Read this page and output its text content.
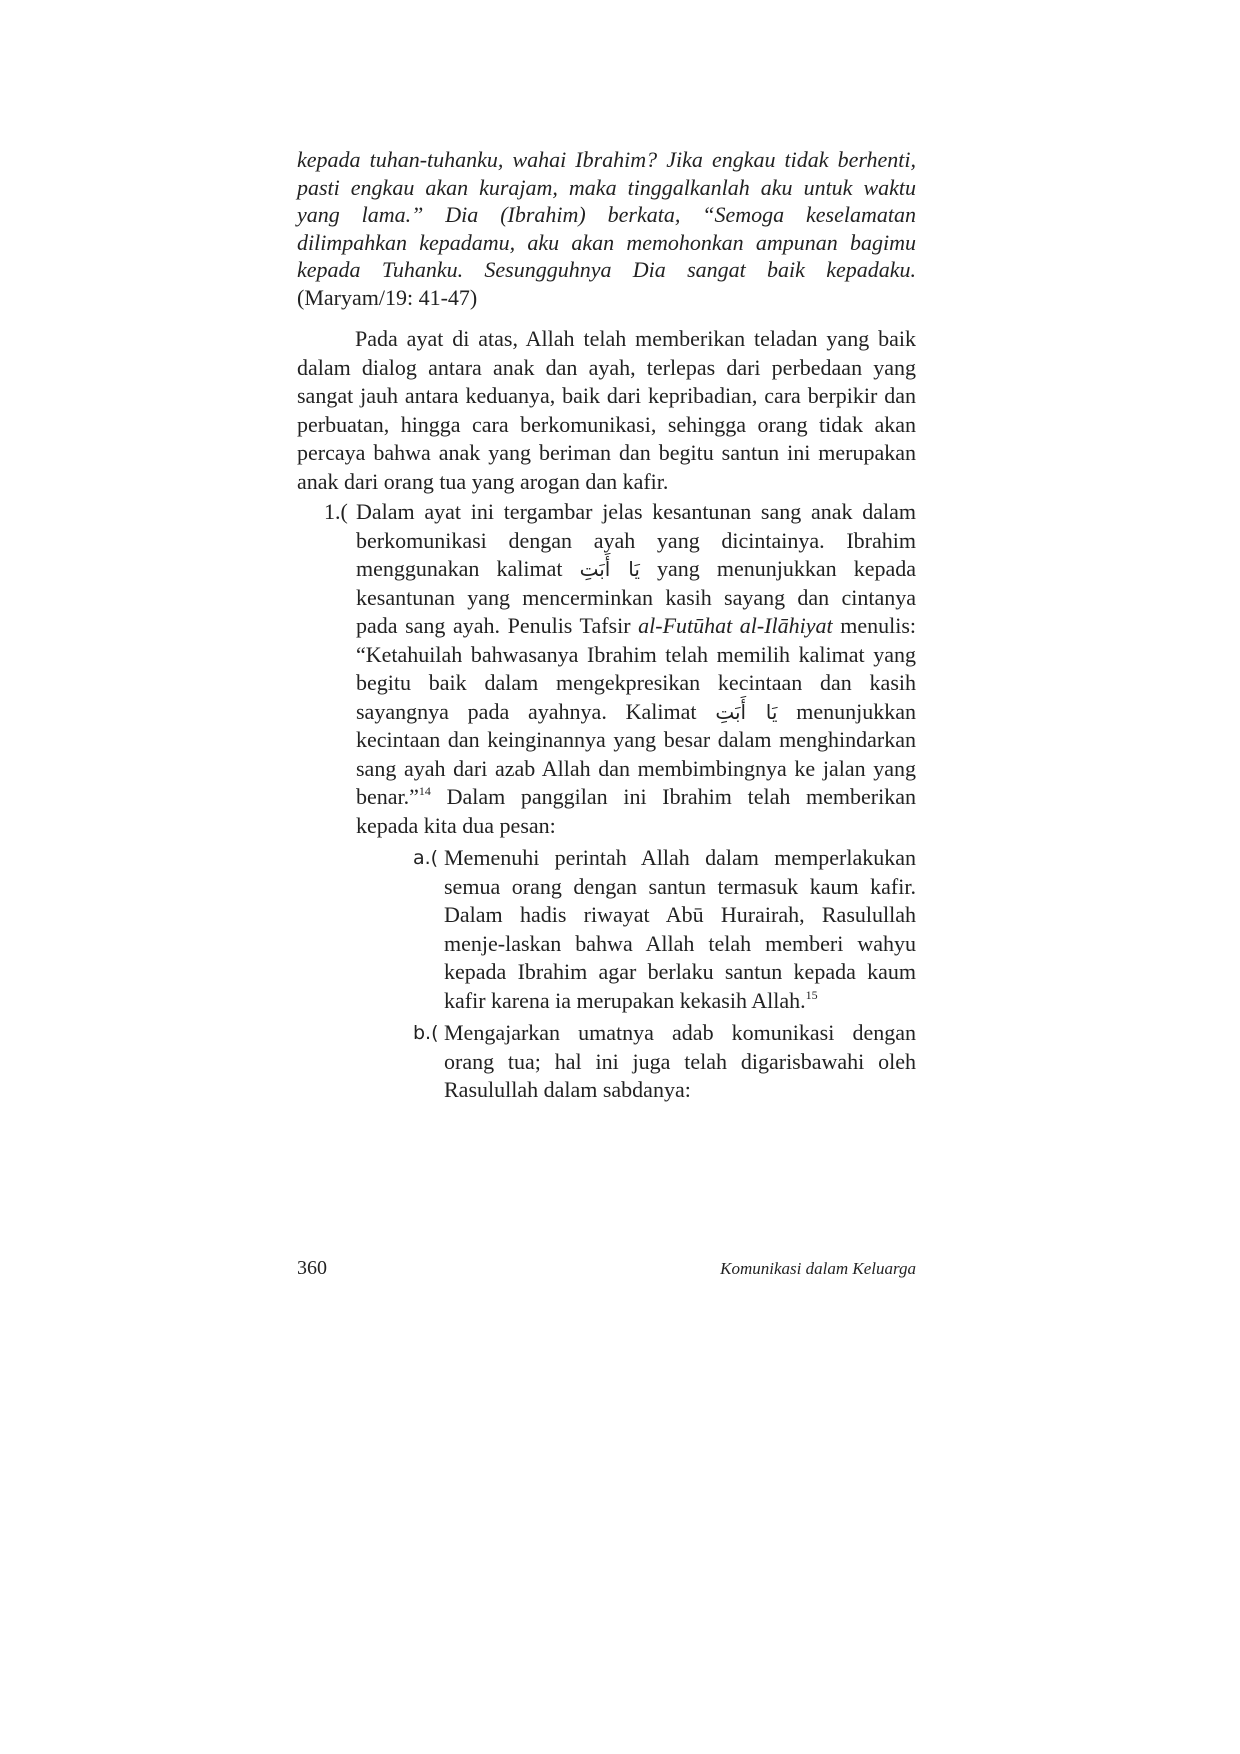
kepada tuhan-tuhanku, wahai Ibrahim? Jika engkau tidak berhenti, pasti engkau akan kurajam, maka tinggalkanlah aku untuk waktu yang lama.” Dia (Ibrahim) berkata, “Semoga keselamatan dilimpahkan kepadamu, aku akan memohonkan ampunan bagimu kepada Tuhanku. Sesungguhnya Dia sangat baik kepadaku. (Maryam/19: 41-47)

Pada ayat di atas, Allah telah memberikan teladan yang baik dalam dialog antara anak dan ayah, terlepas dari perbedaan yang sangat jauh antara keduanya, baik dari kepribadian, cara berpikir dan perbuatan, hingga cara berkomunikasi, sehingga orang tidak akan percaya bahwa anak yang beriman dan begitu santun ini merupakan anak dari orang tua yang arogan dan kafir.

1.( Dalam ayat ini tergambar jelas kesantunan sang anak dalam berkomunikasi dengan ayah yang dicintainya. Ibrahim menggunakan kalimat يَا أَبَتِ yang menunjukkan kepada kesantunan yang mencerminkan kasih sayang dan cintanya pada sang ayah. Penulis Tafsir al-Futūhat al-Ilāhiyat menulis: “Ketahuilah bahwasanya Ibrahim telah memilih kalimat yang begitu baik dalam mengekpresikan kecintaan dan kasih sayangnya pada ayahnya. Kalimat يَا أَبَتِ menunjukkan kecintaan dan keinginannya yang besar dalam menghindarkan sang ayah dari azab Allah dan membimbingnya ke jalan yang benar.”$^{14}$ Dalam panggilan ini Ibrahim telah memberikan kepada kita dua pesan:
a.( Memenuhi perintah Allah dalam memperlakukan semua orang dengan santun termasuk kaum kafir. Dalam hadis riwayat Abū Hurairah, Rasulullah menje-laskan bahwa Allah telah memberi wahyu kepada Ibrahim agar berlaku santun kepada kaum kafir karena ia merupakan kekasih Allah.$^{15}$
b.( Mengajarkan umatnya adab komunikasi dengan orang tua; hal ini juga telah digarisbawahi oleh Rasulullah dalam sabdanya:
360	Komunikasi dalam Keluarga
